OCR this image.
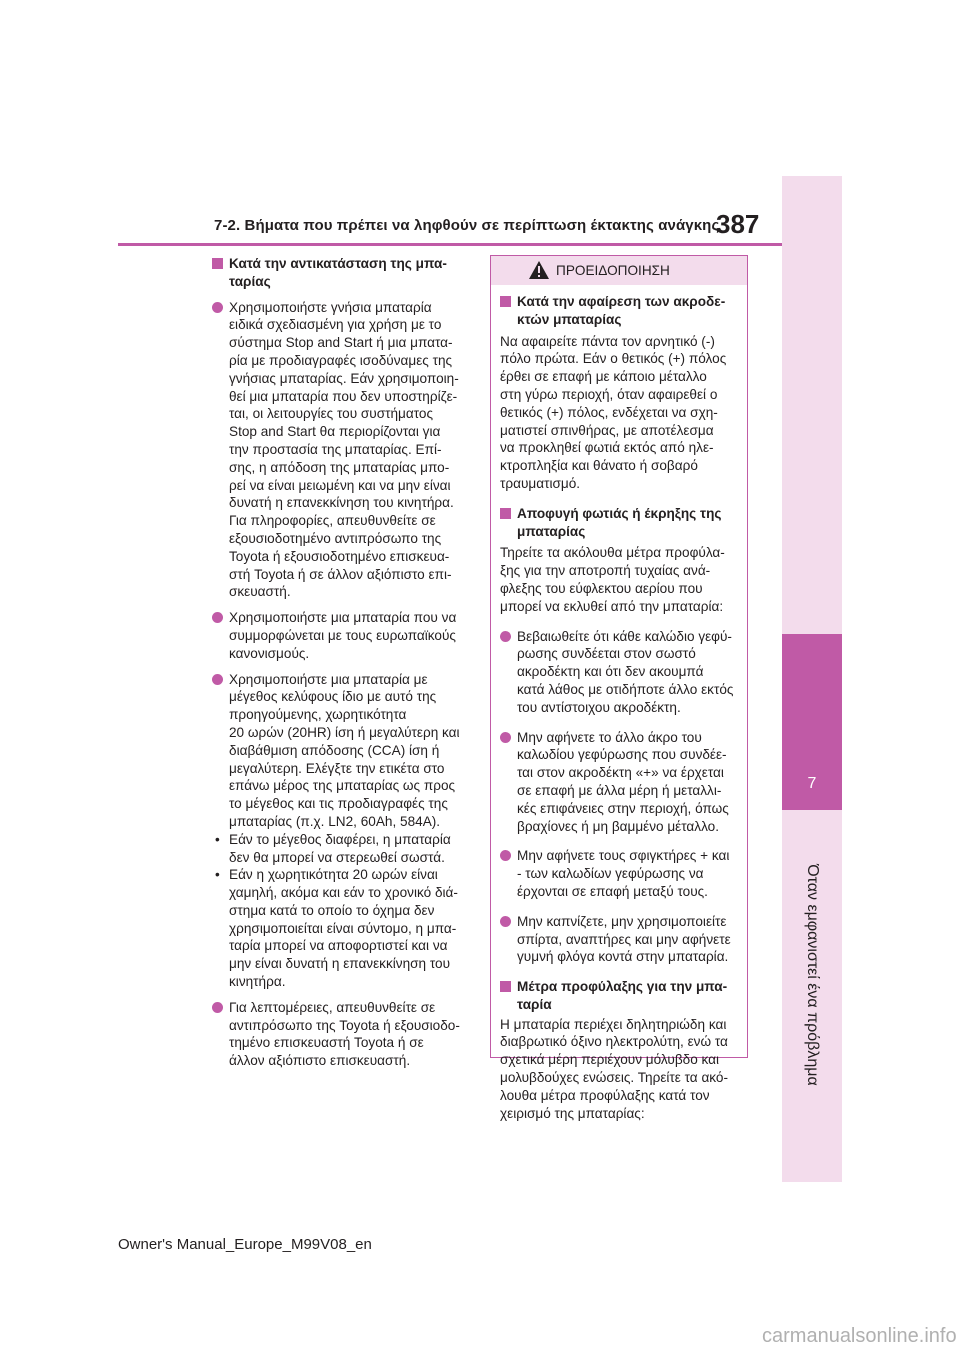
7-2. Βήματα που πρέπει να ληφθούν σε περίπτωση έκτακτης ανάγκης
387
7
Όταν εμφανιστεί ένα πρόβλημα
Κατά την αντικατάσταση της μπα-
ταρίας
Χρησιμοποιήστε γνήσια μπαταρία
ειδικά σχεδιασμένη για χρήση με το
σύστημα Stop and Start ή μια μπατα-
ρία με προδιαγραφές ισοδύναμες της
γνήσιας μπαταρίας. Εάν χρησιμοποιη-
θεί μια μπαταρία που δεν υποστηρίζε-
ται, οι λειτουργίες του συστήματος
Stop and Start θα περιορίζονται για
την προστασία της μπαταρίας. Επί-
σης, η απόδοση της μπαταρίας μπο-
ρεί να είναι μειωμένη και να μην είναι
δυνατή η επανεκκίνηση του κινητήρα.
Για πληροφορίες, απευθυνθείτε σε
εξουσιοδοτημένο αντιπρόσωπο της
Toyota ή εξουσιοδοτημένο επισκευα-
στή Toyota ή σε άλλον αξιόπιστο επι-
σκευαστή.
Χρησιμοποιήστε μια μπαταρία που να
συμμορφώνεται με τους ευρωπαϊκούς
κανονισμούς.
Χρησιμοποιήστε μια μπαταρία με
μέγεθος κελύφους ίδιο με αυτό της
προηγούμενης, χωρητικότητα
20 ωρών (20HR) ίση ή μεγαλύτερη και
διαβάθμιση απόδοσης (CCA) ίση ή
μεγαλύτερη. Ελέγξτε την ετικέτα στο
επάνω μέρος της μπαταρίας ως προς
το μέγεθος και τις προδιαγραφές της
μπαταρίας (π.χ. LN2, 60Ah, 584A).
• Εάν το μέγεθος διαφέρει, η μπαταρία
δεν θα μπορεί να στερεωθεί σωστά.
• Εάν η χωρητικότητα 20 ωρών είναι
χαμηλή, ακόμα και εάν το χρονικό διά-
στημα κατά το οποίο το όχημα δεν
χρησιμοποιείται είναι σύντομο, η μπα-
ταρία μπορεί να αποφορτιστεί και να
μην είναι δυνατή η επανεκκίνηση του
κινητήρα.
Για λεπτομέρειες, απευθυνθείτε σε
αντιπρόσωπο της Toyota ή εξουσιοδο-
τημένο επισκευαστή Toyota ή σε
άλλον αξιόπιστο επισκευαστή.
ΠΡΟΕΙΔΟΠΟΙΗΣΗ
Κατά την αφαίρεση των ακροδε-
κτών μπαταρίας
Να αφαιρείτε πάντα τον αρνητικό (-)
πόλο πρώτα. Εάν ο θετικός (+) πόλος
έρθει σε επαφή με κάποιο μέταλλο
στη γύρω περιοχή, όταν αφαιρεθεί ο
θετικός (+) πόλος, ενδέχεται να σχη-
ματιστεί σπινθήρας, με αποτέλεσμα
να προκληθεί φωτιά εκτός από ηλε-
κτροπληξία και θάνατο ή σοβαρό
τραυματισμό.
Αποφυγή φωτιάς ή έκρηξης της
μπαταρίας
Τηρείτε τα ακόλουθα μέτρα προφύλα-
ξης για την αποτροπή τυχαίας ανά-
φλεξης του εύφλεκτου αερίου που
μπορεί να εκλυθεί από την μπαταρία:
Βεβαιωθείτε ότι κάθε καλώδιο γεφύ-
ρωσης συνδέεται στον σωστό
ακροδέκτη και ότι δεν ακουμπά
κατά λάθος με οτιδήποτε άλλο εκτός
του αντίστοιχου ακροδέκτη.
Μην αφήνετε το άλλο άκρο του
καλωδίου γεφύρωσης που συνδέε-
ται στον ακροδέκτη «+» να έρχεται
σε επαφή με άλλα μέρη ή μεταλλι-
κές επιφάνειες στην περιοχή, όπως
βραχίονες ή μη βαμμένο μέταλλο.
Μην αφήνετε τους σφιγκτήρες + και
- των καλωδίων γεφύρωσης να
έρχονται σε επαφή μεταξύ τους.
Μην καπνίζετε, μην χρησιμοποιείτε
σπίρτα, αναπτήρες και μην αφήνετε
γυμνή φλόγα κοντά στην μπαταρία.
Μέτρα προφύλαξης για την μπα-
ταρία
Η μπαταρία περιέχει δηλητηριώδη και
διαβρωτικό όξινο ηλεκτρολύτη, ενώ τα
σχετικά μέρη περιέχουν μόλυβδο και
μολυβδούχες ενώσεις. Τηρείτε τα ακό-
λουθα μέτρα προφύλαξης κατά τον
χειρισμό της μπαταρίας:
Owner's Manual_Europe_M99V08_en
carmanualsonline.info
